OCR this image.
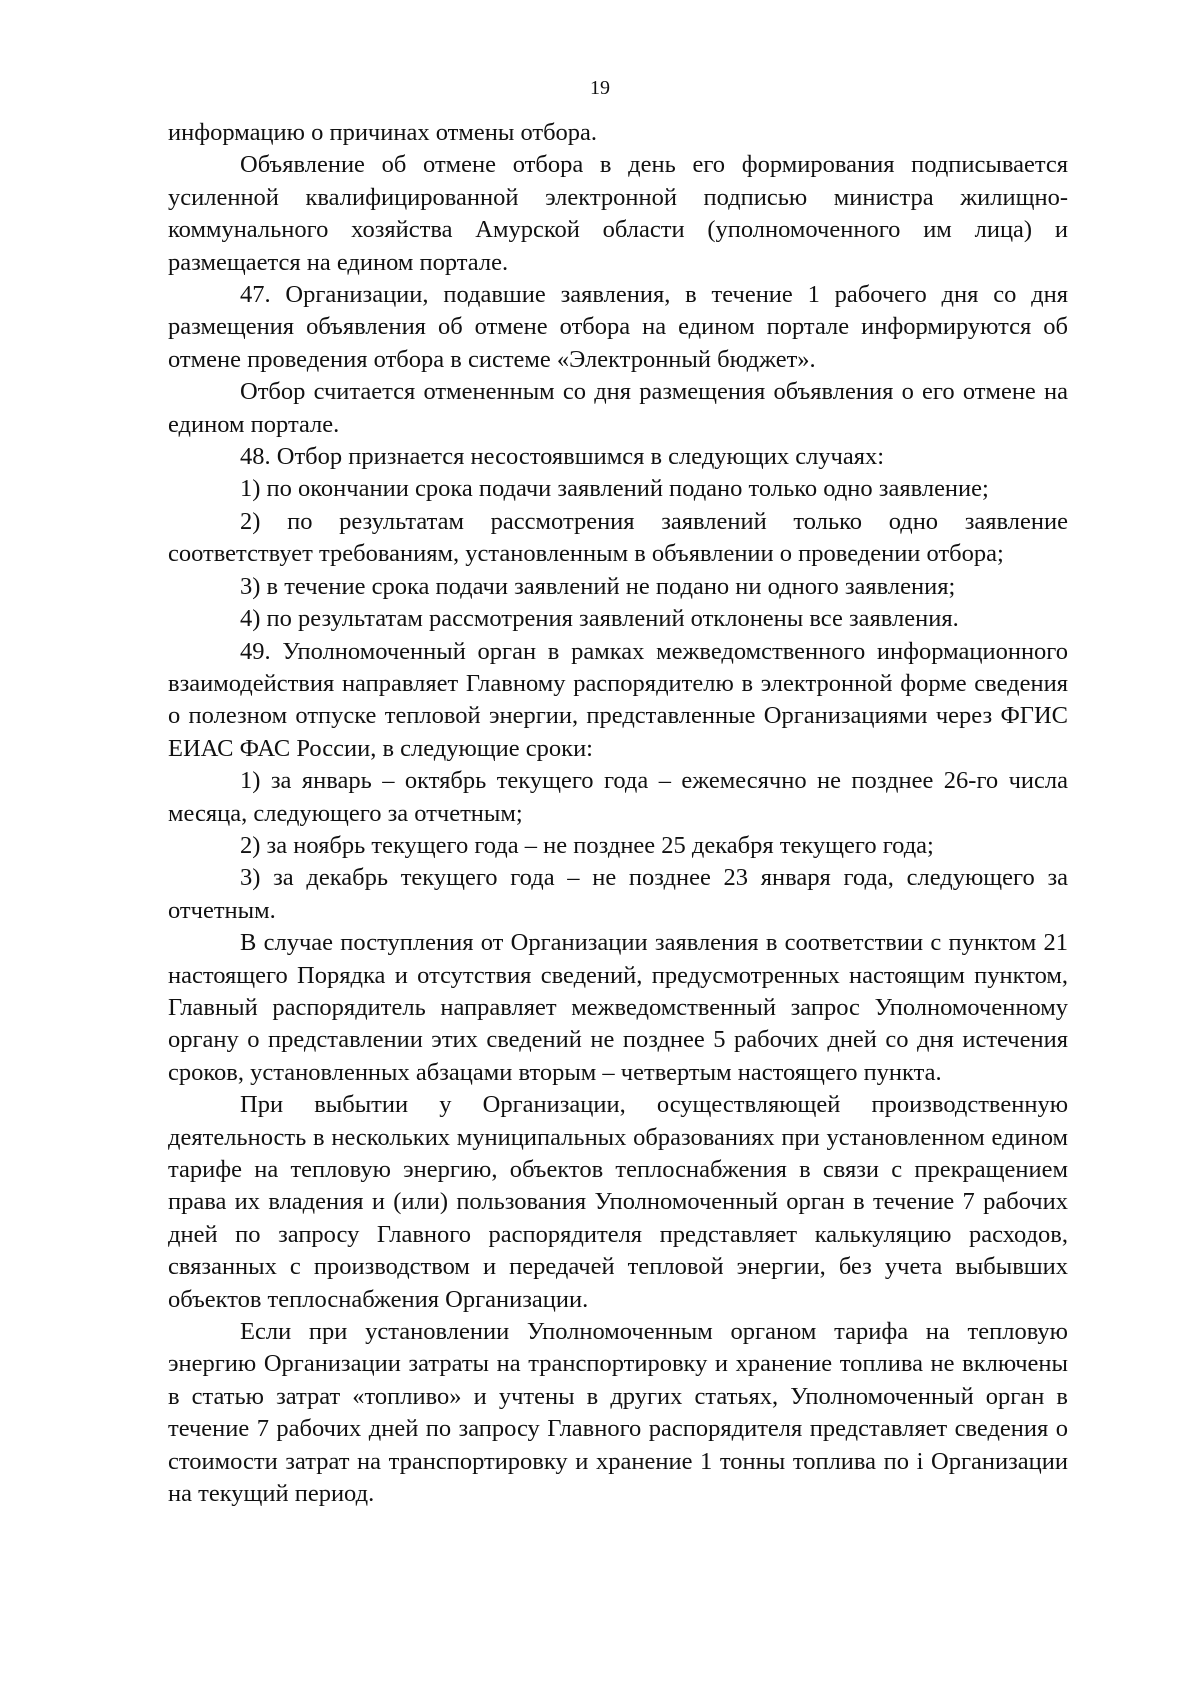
19

информацию о причинах отмены отбора.

Объявление об отмене отбора в день его формирования подписывается усиленной квалифицированной электронной подписью министра жилищно-коммунального хозяйства Амурской области (уполномоченного им лица) и размещается на едином портале.

47. Организации, подавшие заявления, в течение 1 рабочего дня со дня размещения объявления об отмене отбора на едином портале информируются об отмене проведения отбора в системе «Электронный бюджет».

Отбор считается отмененным со дня размещения объявления о его отмене на едином портале.

48. Отбор признается несостоявшимся в следующих случаях:

1) по окончании срока подачи заявлений подано только одно заявление;

2) по результатам рассмотрения заявлений только одно заявление соответствует требованиям, установленным в объявлении о проведении отбора;

3) в течение срока подачи заявлений не подано ни одного заявления;

4) по результатам рассмотрения заявлений отклонены все заявления.

49. Уполномоченный орган в рамках межведомственного информационного взаимодействия направляет Главному распорядителю в электронной форме сведения о полезном отпуске тепловой энергии, представленные Организациями через ФГИС ЕИАС ФАС России, в следующие сроки:

1) за январь – октябрь текущего года – ежемесячно не позднее 26-го числа месяца, следующего за отчетным;

2) за ноябрь текущего года – не позднее 25 декабря текущего года;

3) за декабрь текущего года – не позднее 23 января года, следующего за отчетным.

В случае поступления от Организации заявления в соответствии с пунктом 21 настоящего Порядка и отсутствия сведений, предусмотренных настоящим пунктом, Главный распорядитель направляет межведомственный запрос Уполномоченному органу о представлении этих сведений не позднее 5 рабочих дней со дня истечения сроков, установленных абзацами вторым – четвертым настоящего пункта.

При выбытии у Организации, осуществляющей производственную деятельность в нескольких муниципальных образованиях при установленном едином тарифе на тепловую энергию, объектов теплоснабжения в связи с прекращением права их владения и (или) пользования Уполномоченный орган в течение 7 рабочих дней по запросу Главного распорядителя представляет калькуляцию расходов, связанных с производством и передачей тепловой энергии, без учета выбывших объектов теплоснабжения Организации.

Если при установлении Уполномоченным органом тарифа на тепловую энергию Организации затраты на транспортировку и хранение топлива не включены в статью затрат «топливо» и учтены в других статьях, Уполномоченный орган в течение 7 рабочих дней по запросу Главного распорядителя представляет сведения о стоимости затрат на транспортировку и хранение 1 тонны топлива по i Организации на текущий период.
